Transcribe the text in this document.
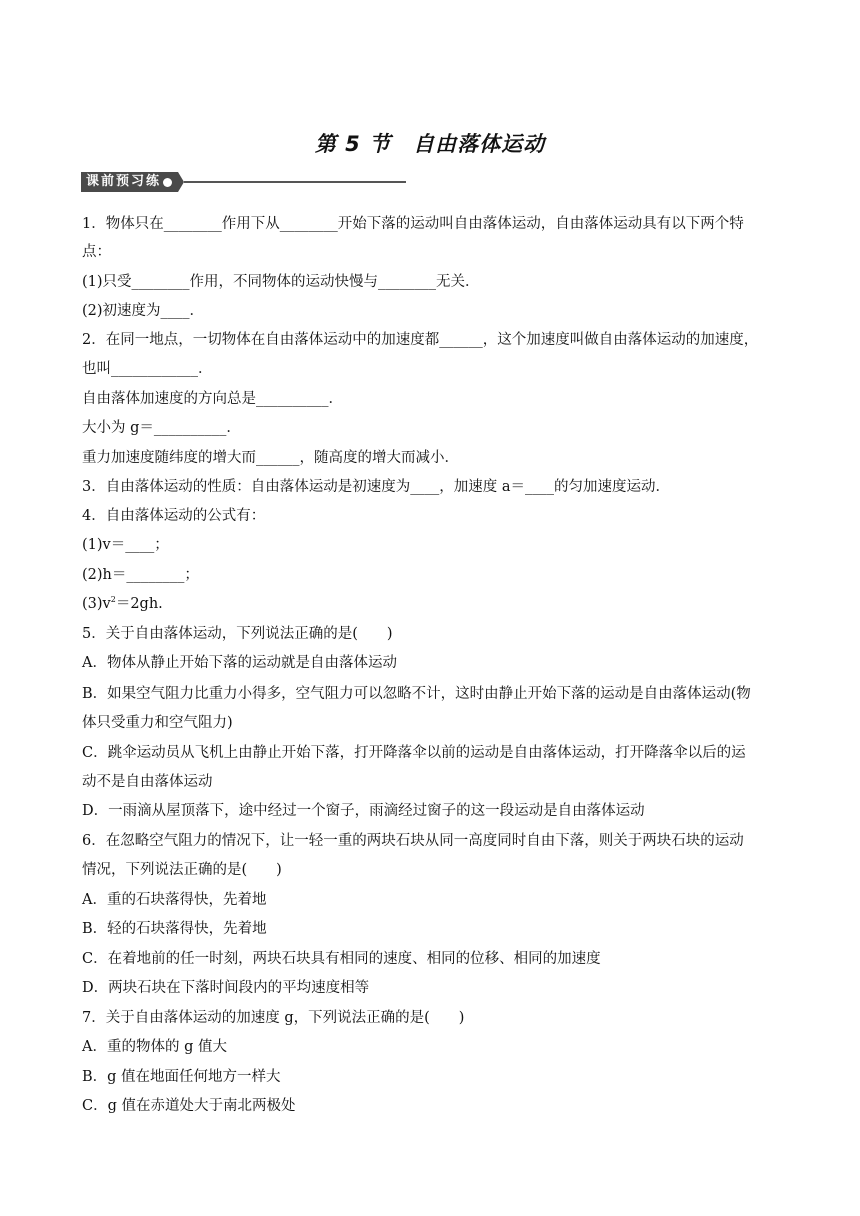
第 5 节　自由落体运动
课前预习练
1．物体只在________作用下从________开始下落的运动叫自由落体运动，自由落体运动具有以下两个特
点：
(1)只受________作用，不同物体的运动快慢与________无关．
(2)初速度为____．
2．在同一地点，一切物体在自由落体运动中的加速度都______，这个加速度叫做自由落体运动的加速度，
也叫____________．
自由落体加速度的方向总是__________．
大小为 g＝__________．
重力加速度随纬度的增大而______，随高度的增大而减小．
3．自由落体运动的性质：自由落体运动是初速度为____，加速度 a＝____的匀加速度运动．
4．自由落体运动的公式有：
(1)v＝____；
(2)h＝________；
$(3)v^2=2gh$.
5．关于自由落体运动，下列说法正确的是(　　)
A．物体从静止开始下落的运动就是自由落体运动
B．如果空气阻力比重力小得多，空气阻力可以忽略不计，这时由静止开始下落的运动是自由落体运动(物
体只受重力和空气阻力)
C．跳伞运动员从飞机上由静止开始下落，打开降落伞以前的运动是自由落体运动，打开降落伞以后的运
动不是自由落体运动
D．一雨滴从屋顶落下，途中经过一个窗子，雨滴经过窗子的这一段运动是自由落体运动
6．在忽略空气阻力的情况下，让一轻一重的两块石块从同一高度同时自由下落，则关于两块石块的运动
情况，下列说法正确的是(　　)
A．重的石块落得快，先着地
B．轻的石块落得快，先着地
C．在着地前的任一时刻，两块石块具有相同的速度、相同的位移、相同的加速度
D．两块石块在下落时间段内的平均速度相等
7．关于自由落体运动的加速度 g，下列说法正确的是(　　)
A．重的物体的 g 值大
B．g 值在地面任何地方一样大
C．g 值在赤道处大于南北两极处
